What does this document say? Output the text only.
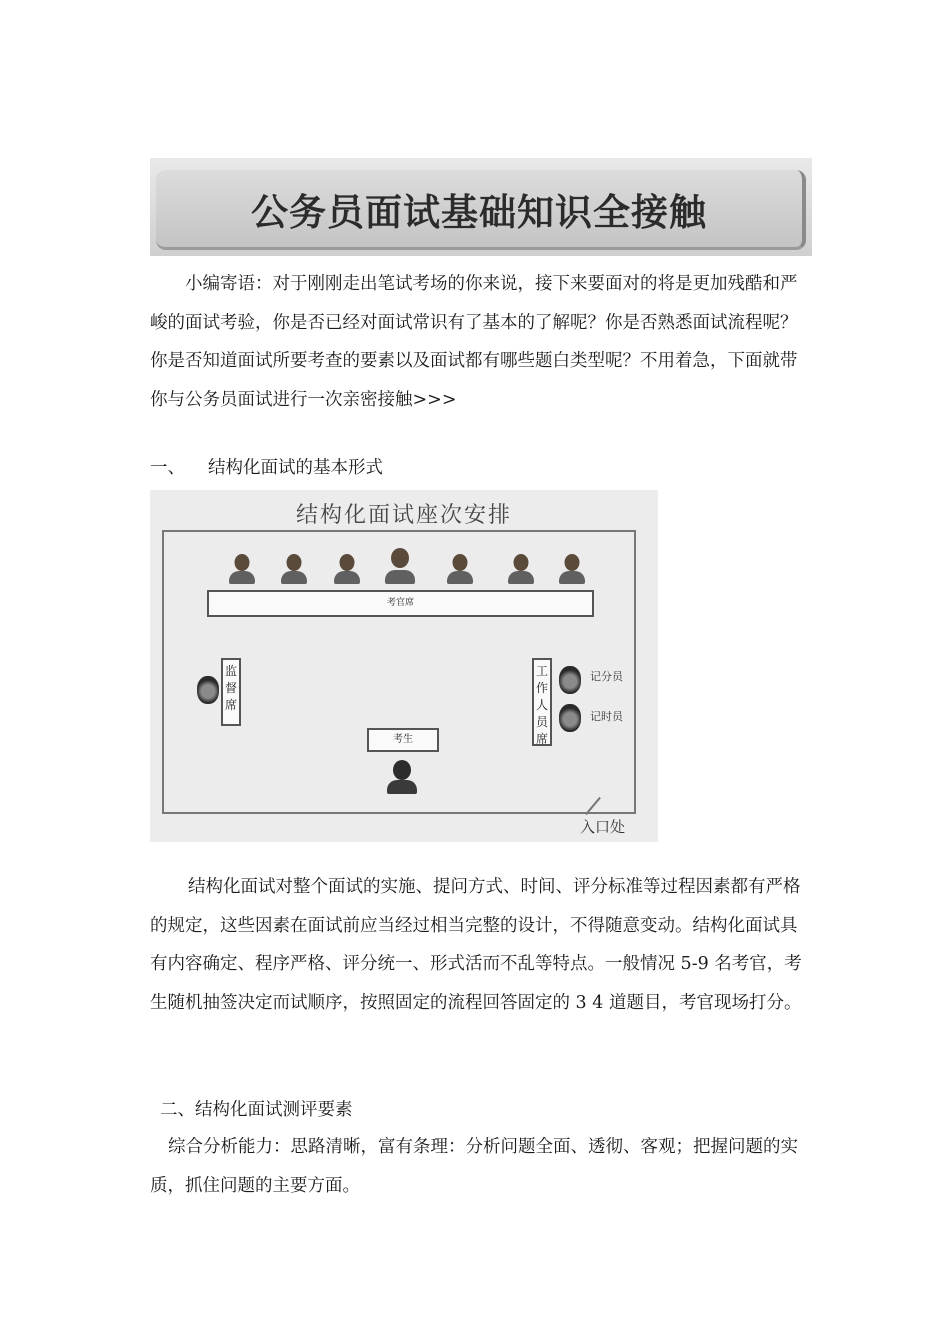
公务员面试基础知识全接触

小编寄语：对于刚刚走出笔试考场的你来说，接下来要面对的将是更加残酷和严峻的面试考验，你是否已经对面试常识有了基本的了解呢？你是否熟悉面试流程呢？你是否知道面试所要考查的要素以及面试都有哪些题白类型呢？不用着急，下面就带你与公务员面试进行一次亲密接触>>>

一、 结构化面试的基本形式

结构化面试座次安排
考官席
监督席
工作人员席
记分员
记时员
考生
入口处

结构化面试对整个面试的实施、提问方式、时间、评分标准等过程因素都有严格的规定，这些因素在面试前应当经过相当完整的设计，不得随意变动。结构化面试具有内容确定、程序严格、评分统一、形式活而不乱等特点。一般情况 5-9 名考官，考生随机抽签决定而试顺序，按照固定的流程回答固定的 3 4 道题目，考官现场打分。

二、结构化面试测评要素

综合分析能力：思路清晰，富有条理：分析问题全面、透彻、客观；把握问题的实质，抓住问题的主要方面。
